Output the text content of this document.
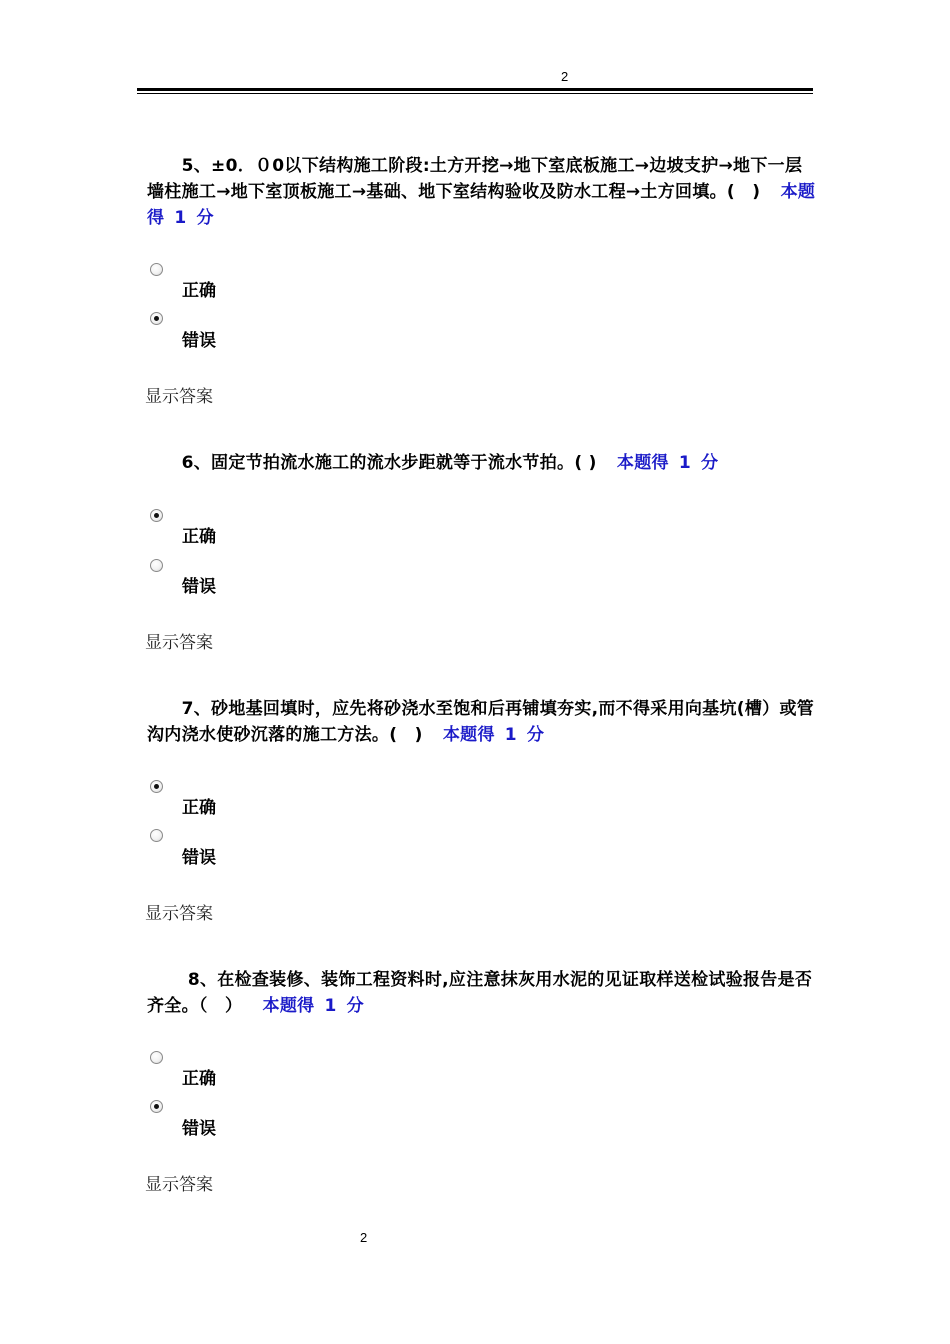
2
　　5、±0．０0以下结构施工阶段:土方开挖→地下室底板施工→边坡支护→地下一层墙柱施工→地下室顶板施工→基础、地下室结构验收及防水工程→土方回填。(　) 本题得 1 分
正确
错误
显示答案
　　6、固定节拍流水施工的流水步距就等于流水节拍。( ) 本题得 1 分
正确
错误
显示答案
　　7、砂地基回填时，应先将砂浇水至饱和后再铺填夯实,而不得采用向基坑(槽）或管沟内浇水使砂沉落的施工方法。(　) 本题得 1 分
正确
错误
显示答案
　　 8、在检查装修、装饰工程资料时,应注意抹灰用水泥的见证取样送检试验报告是否齐全。（　） 本题得 1 分
正确
错误
显示答案
2
